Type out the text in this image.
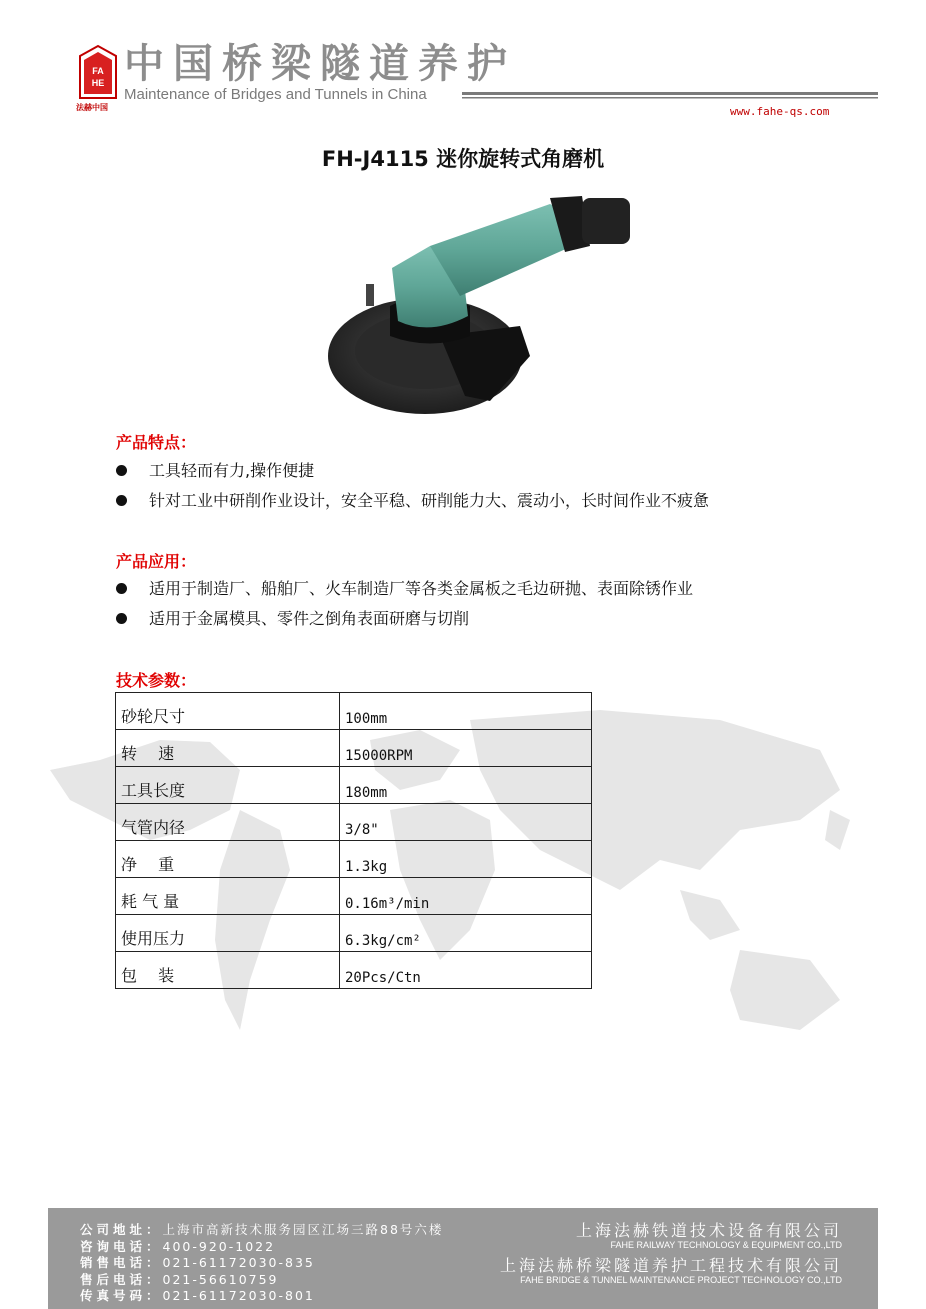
FA
HE
法赫中国
中国桥梁隧道养护
Maintenance of Bridges and Tunnels in China
www.fahe-qs.com
FH-J4115 迷你旋转式角磨机
产品特点：
工具轻而有力,操作便捷
针对工业中研削作业设计，安全平稳、研削能力大、震动小，长时间作业不疲惫
产品应用：
适用于制造厂、船舶厂、火车制造厂等各类金属板之毛边研抛、表面除锈作业
适用于金属模具、零件之倒角表面研磨与切削
技术参数：
砂轮尺寸	100mm
转　 速	15000RPM
工具长度	180mm
气管内径	3/8"
净　 重	1.3kg
耗 气 量	0.16m³/min
使用压力	6.3kg/cm²
包　 装	20Pcs/Ctn
公司地址：上海市高新技术服务园区江场三路88号六楼
咨询电话：400-920-1022
销售电话：021-61172030-835
售后电话：021-56610759
传真号码：021-61172030-801
上海法赫铁道技术设备有限公司
FAHE RAILWAY TECHNOLOGY & EQUIPMENT CO.,LTD
上海法赫桥梁隧道养护工程技术有限公司
FAHE BRIDGE & TUNNEL MAINTENANCE PROJECT TECHNOLOGY CO.,LTD
